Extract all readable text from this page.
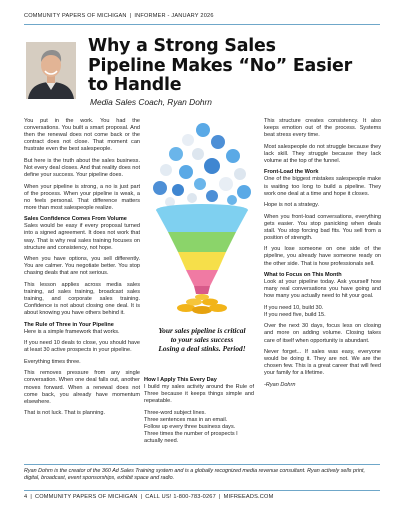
COMMUNITY PAPERS OF MICHIGAN | INFORMER - JANUARY 2026
Why a Strong Sales
Pipeline Makes “No” Easier
to Handle
Media Sales Coach, Ryan Dohrn

You put in the work. You had the conversations. You built a smart proposal. And then the renewal does not come back or the contract does not close. That moment can frustrate even the best salespeople.

But here is the truth about the sales business. Not every deal closes. And that reality does not define your success. Your pipeline does.

When your pipeline is strong, a no is just part of the process. When your pipeline is weak, a no feels personal. That difference matters more than most salespeople realize.

Sales Confidence Comes From Volume

Sales would be easy if every proposal turned into a signed agreement. It does not work that way. That is why real sales training focuses on structure and consistency, not hope.

When you have options, you sell differently. You are calmer. You negotiate better. You stop chasing deals that are not serious.

This lesson applies across media sales training, ad sales training, broadcast sales training, and corporate sales training. Confidence is not about closing one deal. It is about knowing you have others behind it.

The Rule of Three in Your Pipeline

Here is a simple framework that works.

If you need 10 deals to close, you should have at least 30 active prospects in your pipeline.

Everything times three.

This removes pressure from any single conversation. When one deal falls out, another moves forward. When a renewal does not come back, you already have momentum elsewhere.

That is not luck. That is planning.

Your sales pipeline is critical
to your sales success
Losing a deal stinks. Period!

How I Apply This Every Day

I build my sales activity around the Rule of Three because it keeps things simple and repeatable.

Three-word subject lines.

Three sentences max in an email.

Follow up every three business days.

Three times the number of prospects I actually need.

This structure creates consistency. It also keeps emotion out of the process. Systems beat stress every time.

Most salespeople do not struggle because they lack skill. They struggle because they lack volume at the top of the funnel.

Front-Load the Work

One of the biggest mistakes salespeople make is waiting too long to build a pipeline. They work one deal at a time and hope it closes.

Hope is not a strategy.

When you front-load conversations, everything gets easier. You stop panicking when deals stall. You stop forcing bad fits. You sell from a position of strength.

If you lose someone on one side of the pipeline, you already have someone ready on the other side. That is how professionals sell.

What to Focus on This Month

Look at your pipeline today. Ask yourself how many real conversations you have going and how many you actually need to hit your goal.

If you need 10, build 30.

If you need five, build 15.

Over the next 30 days, focus less on closing and more on adding volume. Closing takes care of itself when opportunity is abundant.

Never forget... If sales was easy, everyone would be doing it. They are not. We are the chosen few. This is a great career that will feed your family for a lifetime.

-Ryan Dohrn

Ryan Dohrn is the creator of the 360 Ad Sales Training system and is a globally recognized media revenue consultant. Ryan actively sells print, digital, broadcast, event sponsorships, exhibit space and radio.
4 | COMMUNITY PAPERS OF MICHIGAN | CALL US! 1-800-783-0267 | MIFREEADS.COM
